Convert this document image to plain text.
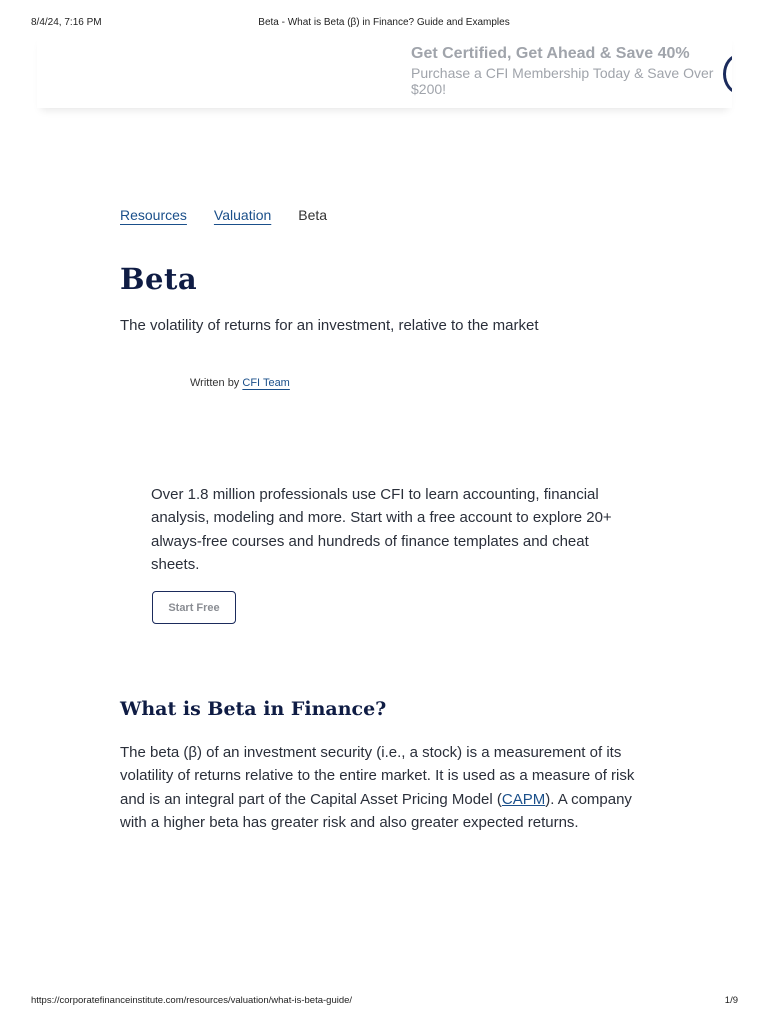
8/4/24, 7:16 PM	Beta - What is Beta (β) in Finance? Guide and Examples
Get Certified, Get Ahead & Save 40%
Purchase a CFI Membership Today & Save Over $200!
Resources Valuation Beta
Beta

The volatility of returns for an investment, relative to the market

Written by CFI Team

Over 1.8 million professionals use CFI to learn accounting, financial analysis, modeling and more. Start with a free account to explore 20+ always-free courses and hundreds of finance templates and cheat sheets.

Start Free
What is Beta in Finance?

The beta (β) of an investment security (i.e., a stock) is a measurement of its volatility of returns relative to the entire market. It is used as a measure of risk and is an integral part of the Capital Asset Pricing Model (CAPM). A company with a higher beta has greater risk and also greater expected returns.

https://corporatefinanceinstitute.com/resources/valuation/what-is-beta-guide/	1/9
